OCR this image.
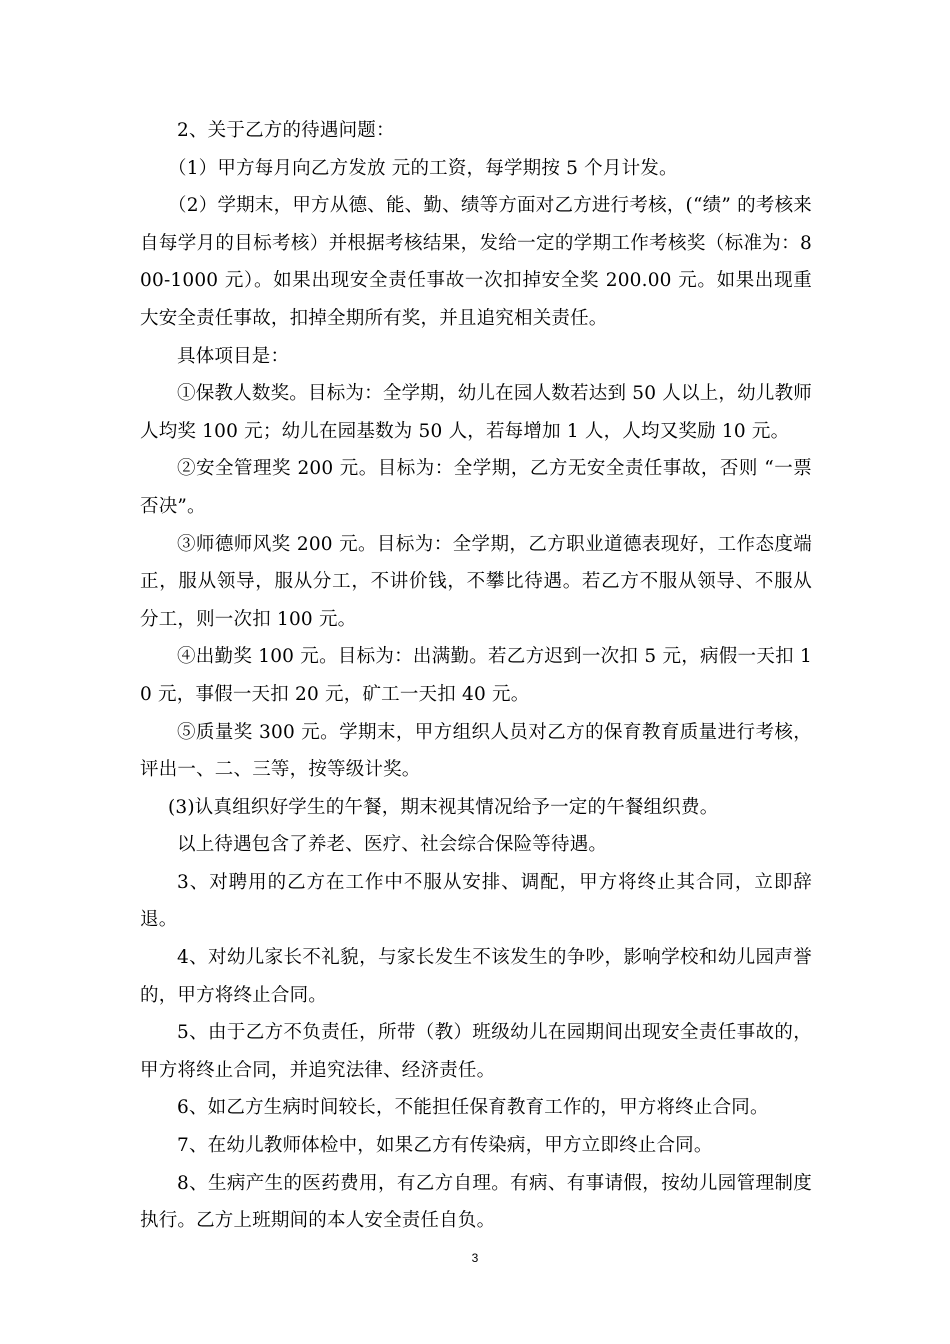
2、关于乙方的待遇问题：

（1）甲方每月向乙方发放 元的工资，每学期按 5 个月计发。

（2）学期末，甲方从德、能、勤、绩等方面对乙方进行考核，(“绩” 的考核来自每学月的目标考核）并根据考核结果，发给一定的学期工作考核奖（标准为：800-1000 元）。如果出现安全责任事故一次扣掉安全奖 200.00 元。如果出现重大安全责任事故，扣掉全期所有奖，并且追究相关责任。

具体项目是：

①保教人数奖。目标为：全学期，幼儿在园人数若达到 50 人以上，幼儿教师人均奖 100 元；幼儿在园基数为 50 人，若每增加 1 人，人均又奖励 10 元。

②安全管理奖 200 元。目标为：全学期，乙方无安全责任事故，否则 “一票否决”。

③师德师风奖 200 元。目标为：全学期，乙方职业道德表现好，工作态度端正，服从领导，服从分工，不讲价钱，不攀比待遇。若乙方不服从领导、不服从分工，则一次扣 100 元。

④出勤奖 100 元。目标为：出满勤。若乙方迟到一次扣 5 元，病假一天扣 10 元，事假一天扣 20 元，矿工一天扣 40 元。

⑤质量奖 300 元。学期末，甲方组织人员对乙方的保育教育质量进行考核，评出一、二、三等，按等级计奖。

(3)认真组织好学生的午餐，期末视其情况给予一定的午餐组织费。

以上待遇包含了养老、医疗、社会综合保险等待遇。

3、对聘用的乙方在工作中不服从安排、调配，甲方将终止其合同，立即辞退。

4、对幼儿家长不礼貌，与家长发生不该发生的争吵，影响学校和幼儿园声誉的，甲方将终止合同。

5、由于乙方不负责任，所带（教）班级幼儿在园期间出现安全责任事故的，甲方将终止合同，并追究法律、经济责任。

6、如乙方生病时间较长，不能担任保育教育工作的，甲方将终止合同。

7、在幼儿教师体检中，如果乙方有传染病，甲方立即终止合同。

8、生病产生的医药费用，有乙方自理。有病、有事请假，按幼儿园管理制度执行。乙方上班期间的本人安全责任自负。

3
